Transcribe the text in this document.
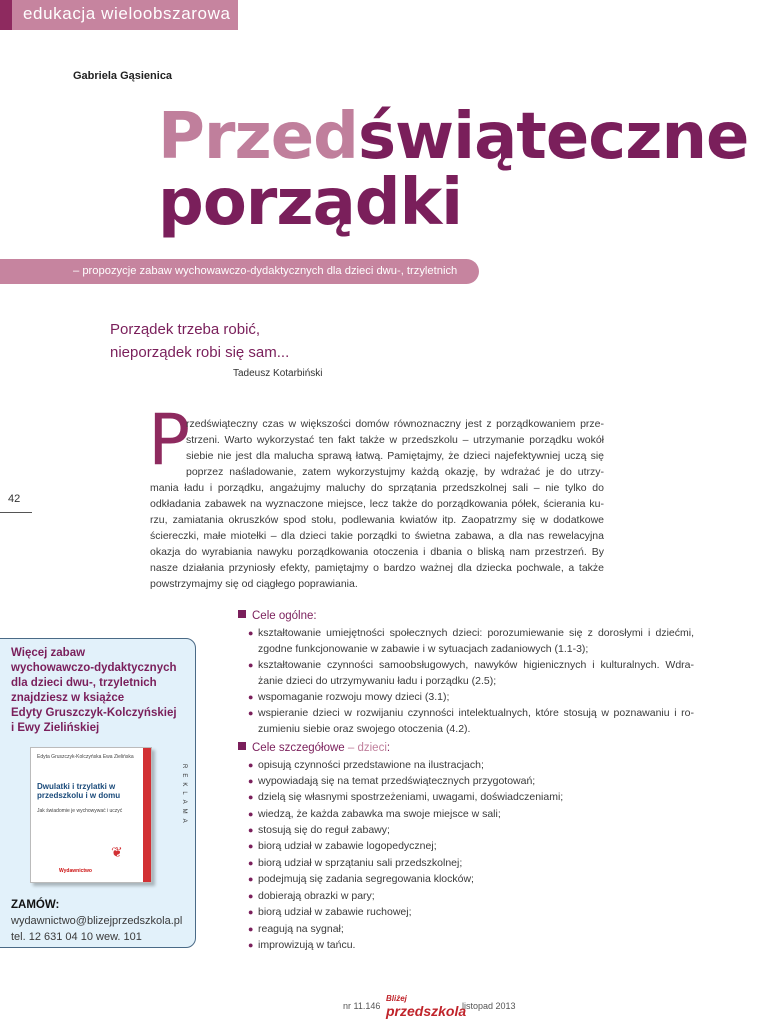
edukacja wieloobszarowa
Gabriela Gąsienica
Przedświąteczne
porządki
– propozycje zabaw wychowawczo-dydaktycznych dla dzieci dwu-, trzyletnich
Porządek trzeba robić,
nieporządek robi się sam...
Tadeusz Kotarbiński
42
P
rzedświąteczny czas w większości domów równoznaczny jest z porządkowaniem prze-
strzeni. Warto wykorzystać ten fakt także w przedszkolu – utrzymanie porządku wokół
siebie nie jest dla malucha sprawą łatwą. Pamiętajmy, że dzieci najefektywniej uczą się
poprzez naśladowanie, zatem wykorzystujmy każdą okazję, by wdrażać je do utrzy-
mania ładu i porządku, angażujmy maluchy do sprzątania przedszkolnej sali – nie tylko do
odkładania zabawek na wyznaczone miejsce, lecz także do porządkowania półek, ścierania ku-
rzu, zamiatania okruszków spod stołu, podlewania kwiatów itp. Zaopatrzmy się w dodatkowe
ściereczki, małe miotełki – dla dzieci takie porządki to świetna zabawa, a dla nas rewelacyjna
okazja do wyrabiania nawyku porządkowania otoczenia i dbania o bliską nam przestrzeń. By
nasze działania przyniosły efekty, pamiętajmy o bardzo ważnej dla dziecka pochwale, a także
powstrzymajmy się od ciągłego poprawiania.
Cele ogólne:
● kształtowanie umiejętności społecznych dzieci: porozumiewanie się z dorosłymi i dziećmi,
zgodne funkcjonowanie w zabawie i w sytuacjach zadaniowych (1.1-3);
● kształtowanie czynności samoobsługowych, nawyków higienicznych i kulturalnych. Wdra-
żanie dzieci do utrzymywaniu ładu i porządku (2.5);
● wspomaganie rozwoju mowy dzieci (3.1);
● wspieranie dzieci w rozwijaniu czynności intelektualnych, które stosują w poznawaniu i ro-
zumieniu siebie oraz swojego otoczenia (4.2).
Cele szczegółowe – dzieci:
● opisują czynności przedstawione na ilustracjach;
● wypowiadają się na temat przedświątecznych przygotowań;
● dzielą się własnymi spostrzeżeniami, uwagami, doświadczeniami;
● wiedzą, że każda zabawka ma swoje miejsce w sali;
● stosują się do reguł zabawy;
● biorą udział w zabawie logopedycznej;
● biorą udział w sprzątaniu sali przedszkolnej;
● podejmują się zadania segregowania klocków;
● dobierają obrazki w pary;
● biorą udział w zabawie ruchowej;
● reagują na sygnał;
● improwizują w tańcu.
Więcej zabaw
wychowawczo-dydaktycznych
dla dzieci dwu-, trzyletnich
znajdziesz w książce
Edyty Gruszczyk-Kolczyńskiej
i Ewy Zielińskiej
Edyta Gruszczyk-Kolczyńska Ewa Zielińska
Dwulatki i trzylatki w przedszkolu i w domu
Jak świadomie je wychowywać i uczyć
❦
Wydawnictwo
REKLAMA
ZAMÓW:
wydawnictwo@blizejprzedszkola.pl
tel. 12 631 04 10 wew. 101
nr 11.146
Bliżej
przedszkola
listopad 2013
